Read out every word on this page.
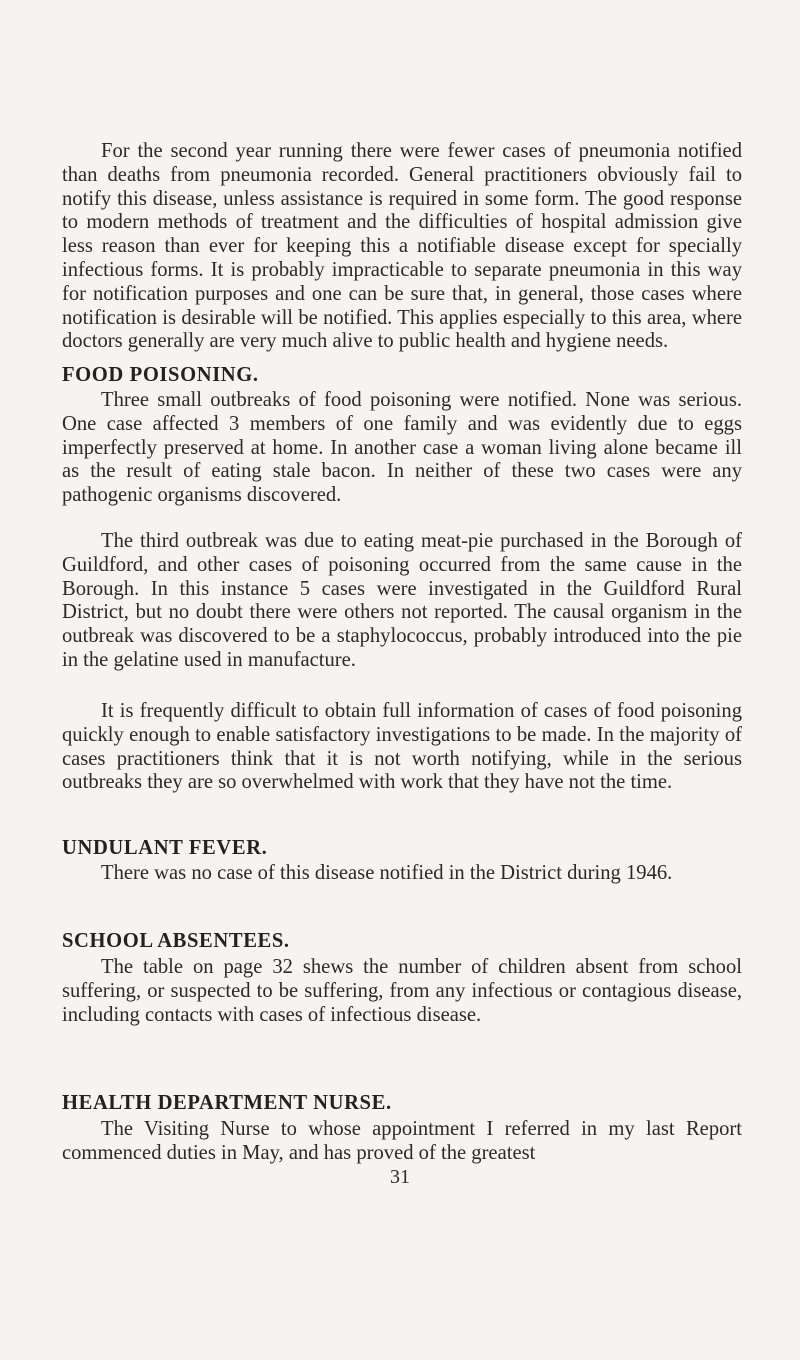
For the second year running there were fewer cases of pneumonia notified than deaths from pneumonia recorded. General practitioners obviously fail to notify this disease, unless assistance is required in some form. The good response to modern methods of treatment and the difficulties of hospital admission give less reason than ever for keeping this a notifiable disease except for specially infectious forms. It is probably impracticable to separate pneumonia in this way for notification purposes and one can be sure that, in general, those cases where notification is desirable will be notified. This applies especially to this area, where doctors generally are very much alive to public health and hygiene needs.

FOOD POISONING.

Three small outbreaks of food poisoning were notified. None was serious. One case affected 3 members of one family and was evidently due to eggs imperfectly preserved at home. In another case a woman living alone became ill as the result of eating stale bacon. In neither of these two cases were any pathogenic organisms discovered.

The third outbreak was due to eating meat-pie purchased in the Borough of Guildford, and other cases of poisoning occurred from the same cause in the Borough. In this instance 5 cases were investigated in the Guildford Rural District, but no doubt there were others not reported. The causal organism in the outbreak was discovered to be a staphylococcus, probably introduced into the pie in the gelatine used in manufacture.

It is frequently difficult to obtain full information of cases of food poisoning quickly enough to enable satisfactory investigations to be made. In the majority of cases practitioners think that it is not worth notifying, while in the serious outbreaks they are so overwhelmed with work that they have not the time.

UNDULANT FEVER.

There was no case of this disease notified in the District during 1946.

SCHOOL ABSENTEES.

The table on page 32 shews the number of children absent from school suffering, or suspected to be suffering, from any infectious or contagious disease, including contacts with cases of infectious disease.

HEALTH DEPARTMENT NURSE.

The Visiting Nurse to whose appointment I referred in my last Report commenced duties in May, and has proved of the greatest

31
